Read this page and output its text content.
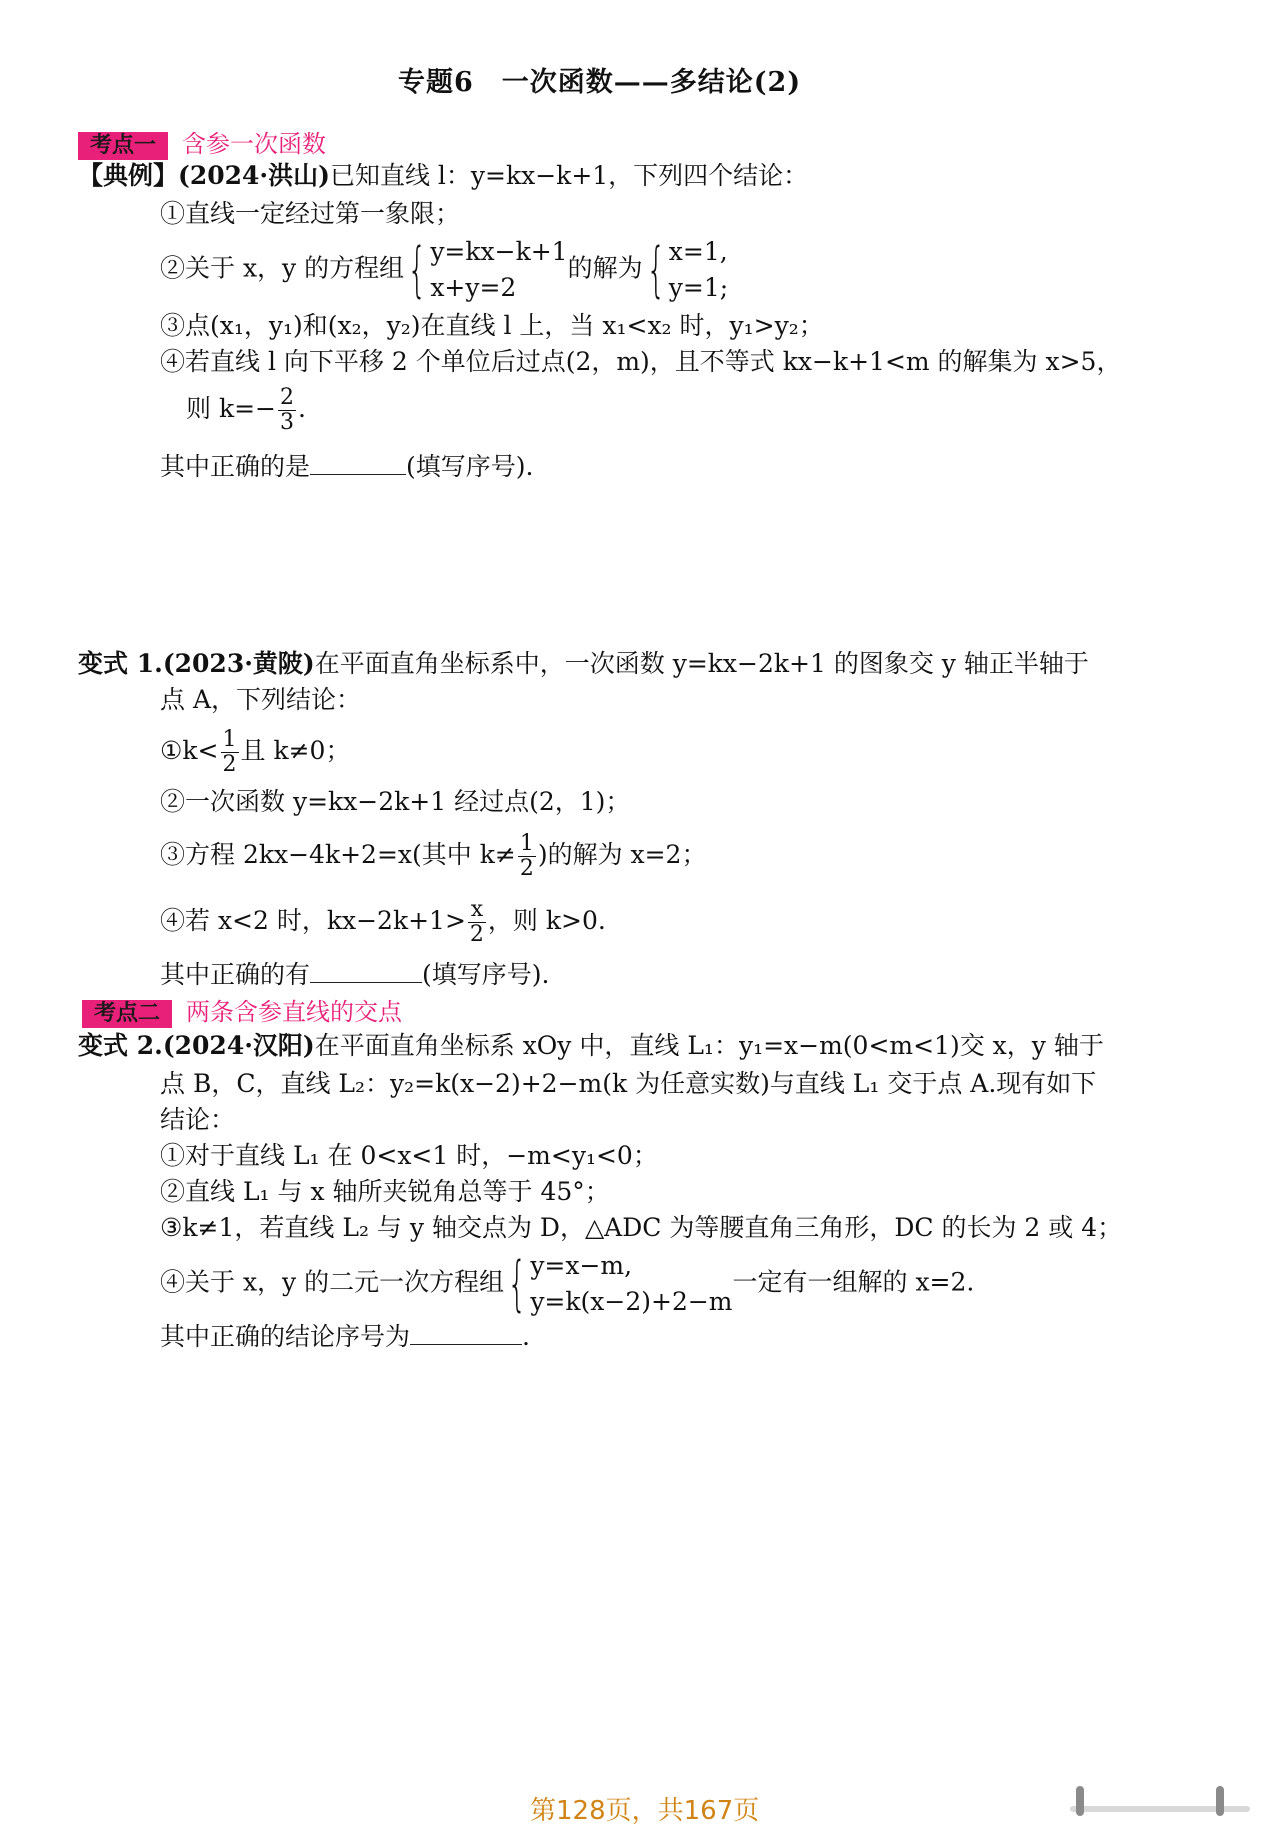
专题6　一次函数——多结论(2)
考点一 含参一次函数
【典例】(2024·洪山)已知直线 l：y=kx−k+1，下列四个结论：
①直线一定经过第一象限；
②关于 x，y 的方程组{ y=kx−k+1
x+y=2
的解为{ x=1,
y=1;
③点(x₁，y₁)和(x₂，y₂)在直线 l 上，当 x₁<x₂ 时，y₁>y₂；
④若直线 l 向下平移 2 个单位后过点(2，m)，且不等式 kx−k+1<m 的解集为 x>5，
则 $k=- \frac{2}{3}$ .
其中正确的是	(填写序号).
变式 1.(2023·黄陂)在平面直角坐标系中，一次函数 y=kx−2k+1 的图象交 y 轴正半轴于
点 A，下列结论：
①k< $\frac{1}{2}$ 且 k≠0；
②一次函数 y=kx−2k+1 经过点(2，1)；
③方程 2kx−4k+2=x(其中 $k\ne \frac{1}{2}$ )的解为 x=2；
④若 x<2 时，$kx-2k+1> \frac{x}{2}$ ，则 k>0.
其中正确的有	(填写序号).
考点二 两条含参直线的交点
变式 2.(2024·汉阳)在平面直角坐标系 xOy 中，直线 L₁：y₁=x−m(0<m<1)交 x，y 轴于
点 B，C，直线 L₂：y₂=k(x−2)+2−m(k 为任意实数)与直线 L₁ 交于点 A.现有如下
结论：
①对于直线 L₁ 在 0<x<1 时，−m<y₁<0；
②直线 L₁ 与 x 轴所夹锐角总等于 45°；
③k≠1，若直线 L₂ 与 y 轴交点为 D，△ADC 为等腰直角三角形，DC 的长为 2 或 4；
④关于 x，y 的二元一次方程组{ y=x−m,
y=k(x−2)+2−m
一定有一组解的 x=2.
其中正确的结论序号为	.
第128页，共167页
